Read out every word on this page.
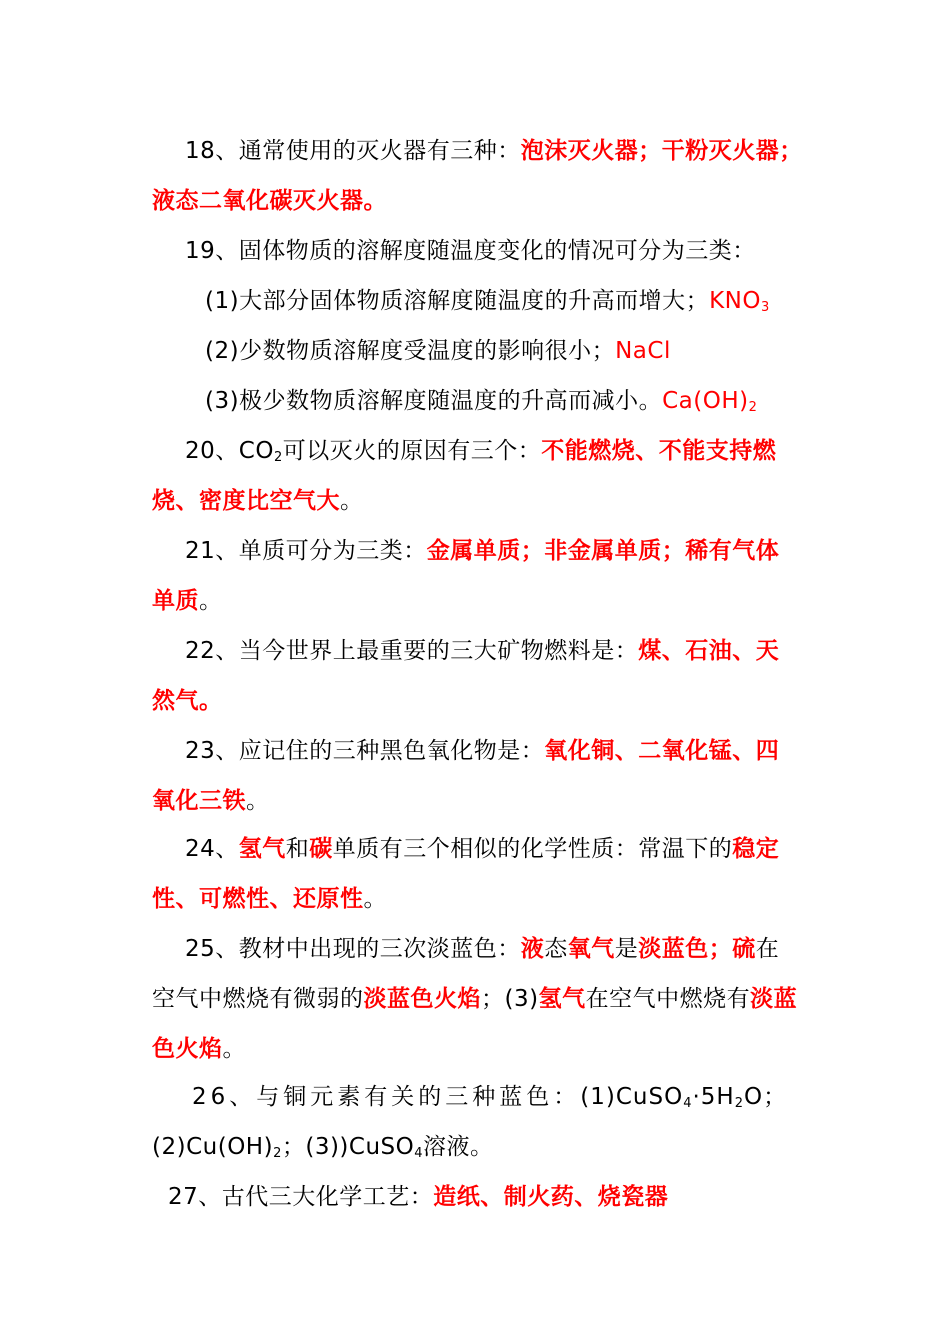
18、通常使用的灭火器有三种：泡沫灭火器；干粉灭火器；
液态二氧化碳灭火器。
19、固体物质的溶解度随温度变化的情况可分为三类：
(1)大部分固体物质溶解度随温度的升高而增大；$KNO_3$
(2)少数物质溶解度受温度的影响很小；NaCl
(3)极少数物质溶解度随温度的升高而减小。$Ca(OH)_2$
20、$CO_2$可以灭火的原因有三个：不能燃烧、不能支持燃
烧、密度比空气大。
21、单质可分为三类：金属单质；非金属单质；稀有气体
单质。
22、当今世界上最重要的三大矿物燃料是：煤、石油、天
然气。
23、应记住的三种黑色氧化物是：氧化铜、二氧化锰、四
氧化三铁。
24、氢气和碳单质有三个相似的化学性质：常温下的稳定
性、可燃性、还原性。
25、教材中出现的三次淡蓝色：液态氧气是淡蓝色；硫在
空气中燃烧有微弱的淡蓝色火焰；(3)氢气在空气中燃烧有淡蓝
色火焰。
26、与铜元素有关的三种蓝色：$(1)CuSO_4\cdot 5H_2O$；
$(2)Cu(OH)_2$；(3))CuSO$_4$溶液。
27、古代三大化学工艺：造纸、制火药、烧瓷器
